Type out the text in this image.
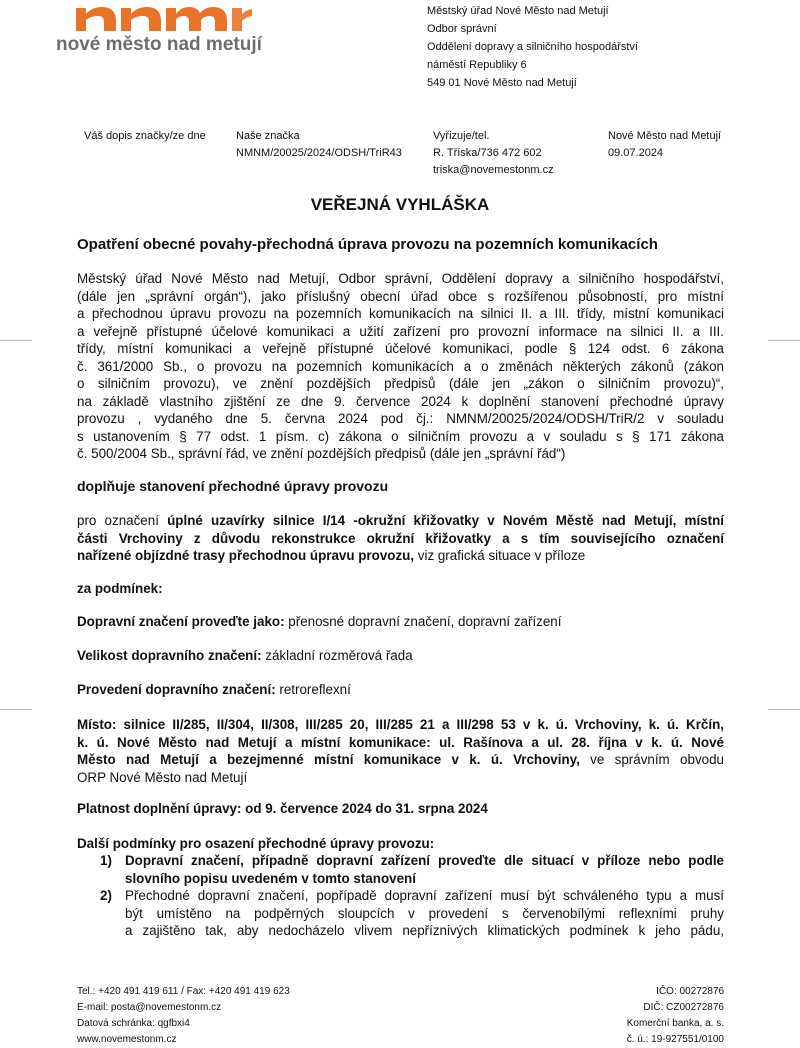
nové město nad metují
Městský úřad Nové Město nad Metují
Odbor správní
Oddělení dopravy a silničního hospodářství
náměstí Republiky 6
549 01 Nové Město nad Metují
Váš dopis značky/ze dne	Naše značka
NMNM/20025/2024/ODSH/TriR43
Vyřizuje/tel.
R. Tříska/736 472 602
triska@novemestonm.cz
Nové Město nad Metují
09.07.2024
VEŘEJNÁ VYHLÁŠKA
Opatření obecné povahy-přechodná úprava provozu na pozemních komunikacích
Městský úřad Nové Město nad Metují, Odbor správní, Oddělení dopravy a silničního hospodářství,
(dále jen „správní orgán“), jako příslušný obecní úřad obce s rozšířenou působností, pro místní
a přechodnou úpravu provozu na pozemních komunikacích na silnici II. a III. třídy, místní komunikaci
a veřejně přístupné účelové komunikaci a užití zařízení pro provozní informace na silnici II. a III.
třídy, místní komunikaci a veřejně přístupné účelové komunikaci, podle § 124 odst. 6 zákona
č. 361/2000 Sb., o provozu na pozemních komunikacích a o změnách některých zákonů (zákon
o silničním provozu), ve znění pozdějších předpisů (dále jen „zákon o silničním provozu)“,
na základě vlastního zjištění ze dne 9. července 2024 k doplnění stanovení přechodné úpravy
provozu , vydaného dne 5. června 2024 pod čj.: NMNM/20025/2024/ODSH/TriR/2 v souladu
s ustanovením § 77 odst. 1 písm. c) zákona o silničním provozu a v souladu s § 171 zákona
č. 500/2004 Sb., správní řád, ve znění pozdějších předpisů (dále jen „správní řád“)
doplňuje stanovení přechodné úpravy provozu
pro označení úplné uzavírky silnice I/14 -okružní křižovatky v Novém Městě nad Metují, místní
části Vrchoviny z důvodu rekonstrukce okružní křižovatky a s tím souvisejícího označení
nařízené objízdné trasy přechodnou úpravu provozu, viz grafická situace v příloze
za podmínek:
Dopravní značení proveďte jako: přenosné dopravní značení, dopravní zařízení
Velikost dopravního značení: základní rozměrová řada
Provedení dopravního značení: retroreflexní
Místo: silnice II/285, II/304, II/308, III/285 20, III/285 21 a III/298 53 v k. ú. Vrchoviny, k. ú. Krčín,
k. ú. Nové Město nad Metují a místní komunikace: ul. Rašínova a ul. 28. října v k. ú. Nové
Město nad Metují a bezejmenné místní komunikace v k. ú. Vrchoviny, ve správním obvodu
ORP Nové Město nad Metují
Platnost doplnění úpravy: od 9. července 2024 do 31. srpna 2024
Další podmínky pro osazení přechodné úpravy provozu:
1) Dopravní značení, případně dopravní zařízení proveďte dle situací v příloze nebo podle
slovního popisu uvedeném v tomto stanovení
2) Přechodné dopravní značení, popřípadě dopravní zařízení musí být schváleného typu a musí
být umístěno na podpěrných sloupcích v provedení s červenobílými reflexními pruhy
a zajištěno tak, aby nedocházelo vlivem nepříznivých klimatických podmínek k jeho pádu,
Tel.: +420 491 419 611 / Fax: +420 491 419 623
E-mail: posta@novemestonm.cz
Datová schránka: qgfbxi4
www.novemestonm.cz
IČO: 00272876
DIČ: CZ00272876
Komerční banka, a. s.
č. ú.: 19-927551/0100
